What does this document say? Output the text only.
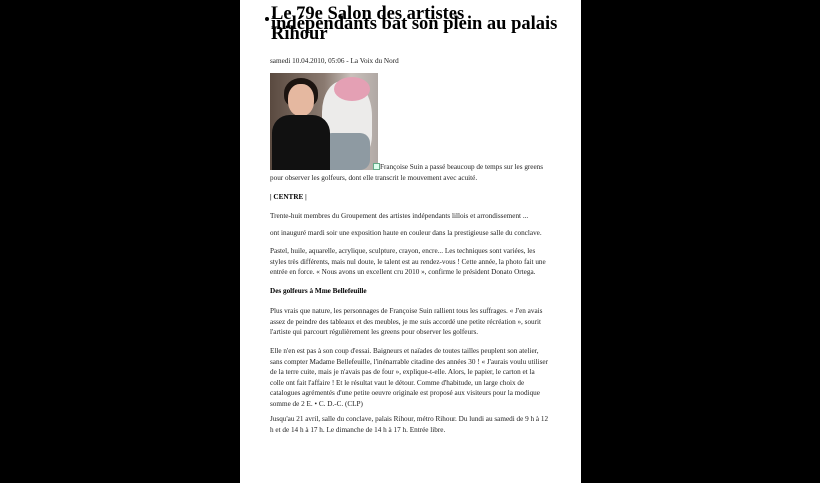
Le 79e Salon des artistes indépendants bat son plein au palais Rihour
samedi 10.04.2010, 05:06 - La Voix du Nord

Françoise Suin a passé beaucoup de temps sur les greens pour observer les golfeurs, dont elle transcrit le mouvement avec acuité.

| CENTRE |

Trente-huit membres du Groupement des artistes indépendants lillois et arrondissement ...

ont inauguré mardi soir une exposition haute en couleur dans la prestigieuse salle du conclave.

Pastel, huile, aquarelle, acrylique, sculpture, crayon, encre... Les techniques sont variées, les styles très différents, mais nul doute, le talent est au rendez-vous ! Cette année, la photo fait une entrée en force. « Nous avons un excellent cru 2010 », confirme le président Donato Ortega.

Des golfeurs à Mme Bellefeuille

Plus vrais que nature, les personnages de Françoise Suin rallient tous les suffrages. « J'en avais assez de peindre des tableaux et des meubles, je me suis accordé une petite récréation », sourit l'artiste qui parcourt régulièrement les greens pour observer les golfeurs.

Elle n'en est pas à son coup d'essai. Baigneurs et naïades de toutes tailles peuplent son atelier, sans compter Madame Bellefeuille, l'inénarrable citadine des années 30 ! « J'aurais voulu utiliser de la terre cuite, mais je n'avais pas de four », explique-t-elle. Alors, le papier, le carton et la colle ont fait l'affaire ! Et le résultat vaut le détour. Comme d'habitude, un large choix de catalogues agrémentés d'une petite oeuvre originale est proposé aux visiteurs pour la modique somme de 2 E. • C. D.-C. (CLP)

Jusqu'au 21 avril, salle du conclave, palais Rihour, métro Rihour. Du lundi au samedi de 9 h à 12 h et de 14 h à 17 h. Le dimanche de 14 h à 17 h. Entrée libre.
